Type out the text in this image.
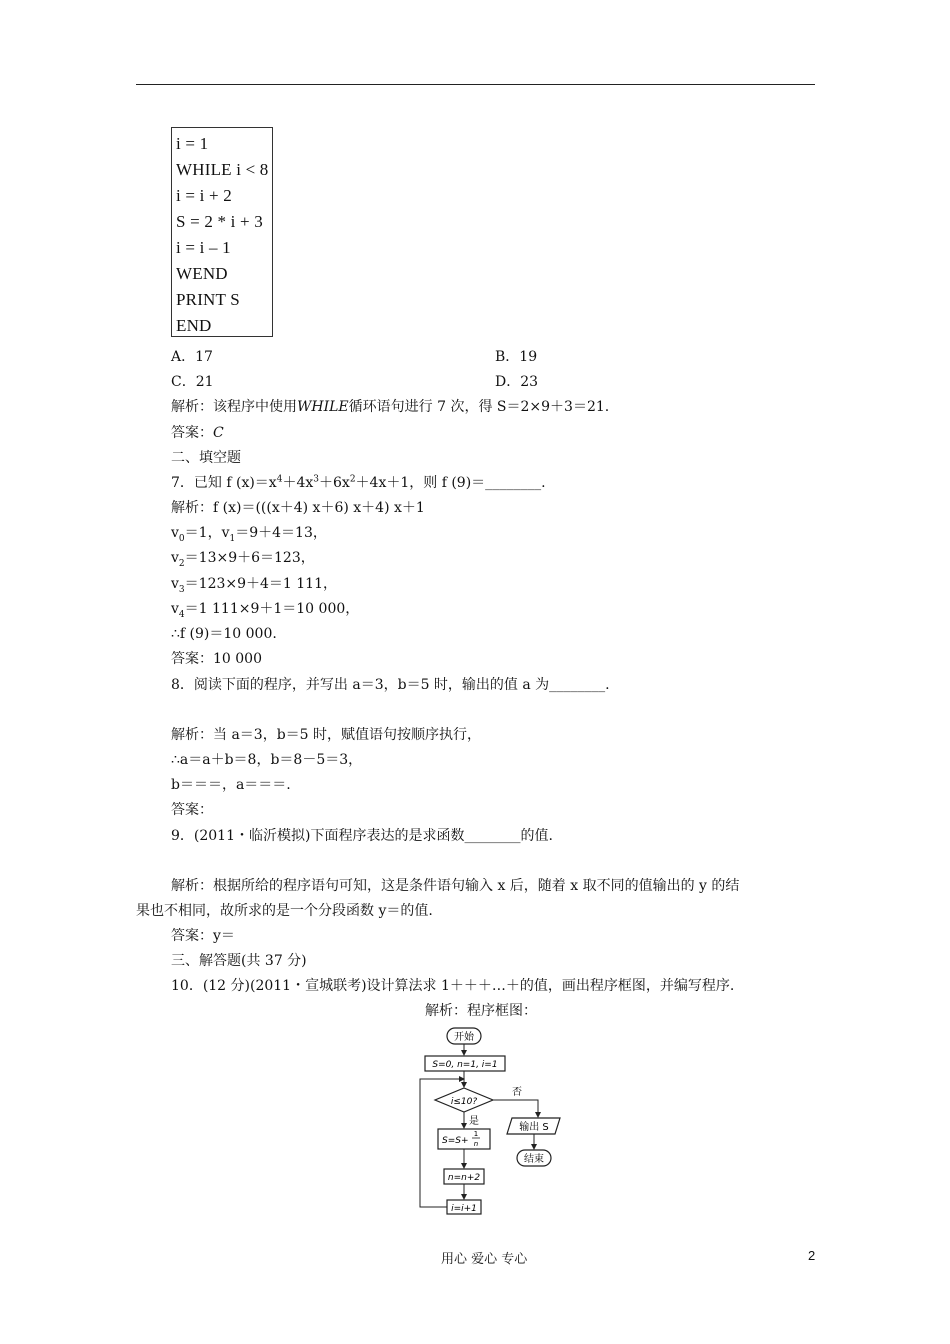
i = 1
WHILE i < 8
i = i + 2
S = 2 * i + 3
i = i – 1
WEND
PRINT S
END
A．17	B．19
C．21	D．23
解析：该程序中使用WHILE循环语句进行 7 次，得 S＝2×9＋3＝21.
答案：C
二、填空题
7．已知 f $(x)=x^4+4x^3+6x^2+4x+1$，则 f (9)＝________.
解析：f (x)＝(((x＋4) x＋6) x＋4) x＋1
$v_0=1$，$v_1=9+4=13$，
$v_2=13\times 9+6=123$，
$v_3=123\times 9+4=1$ 111，
$v_4=1$ 111×9＋1＝10 000，
∴f (9)＝10 000.
答案：10 000
8．阅读下面的程序，并写出 a＝3，b＝5 时，输出的值 a 为________.
解析：当 a＝3，b＝5 时，赋值语句按顺序执行，
∴a＝a＋b＝8，b＝8－5＝3，
b＝＝＝，a＝＝＝.
答案：
9．(2011・临沂模拟)下面程序表达的是求函数________的值.
解析：根据所给的程序语句可知，这是条件语句输入 x 后，随着 x 取不同的值输出的 y 的结
果也不相同，故所求的是一个分段函数 y＝的值.
答案：y＝
三、解答题(共 37 分)
10．(12 分)(2011・宣城联考)设计算法求 1＋＋＋…＋的值，画出程序框图，并编写程序.
解析：程序框图：
开始
S=0, n=1, i=1
i≤10?
否
是
S=S+
1
n
输出 S
结束
n=n+2
i=i+1
用心 爱心 专心	2
